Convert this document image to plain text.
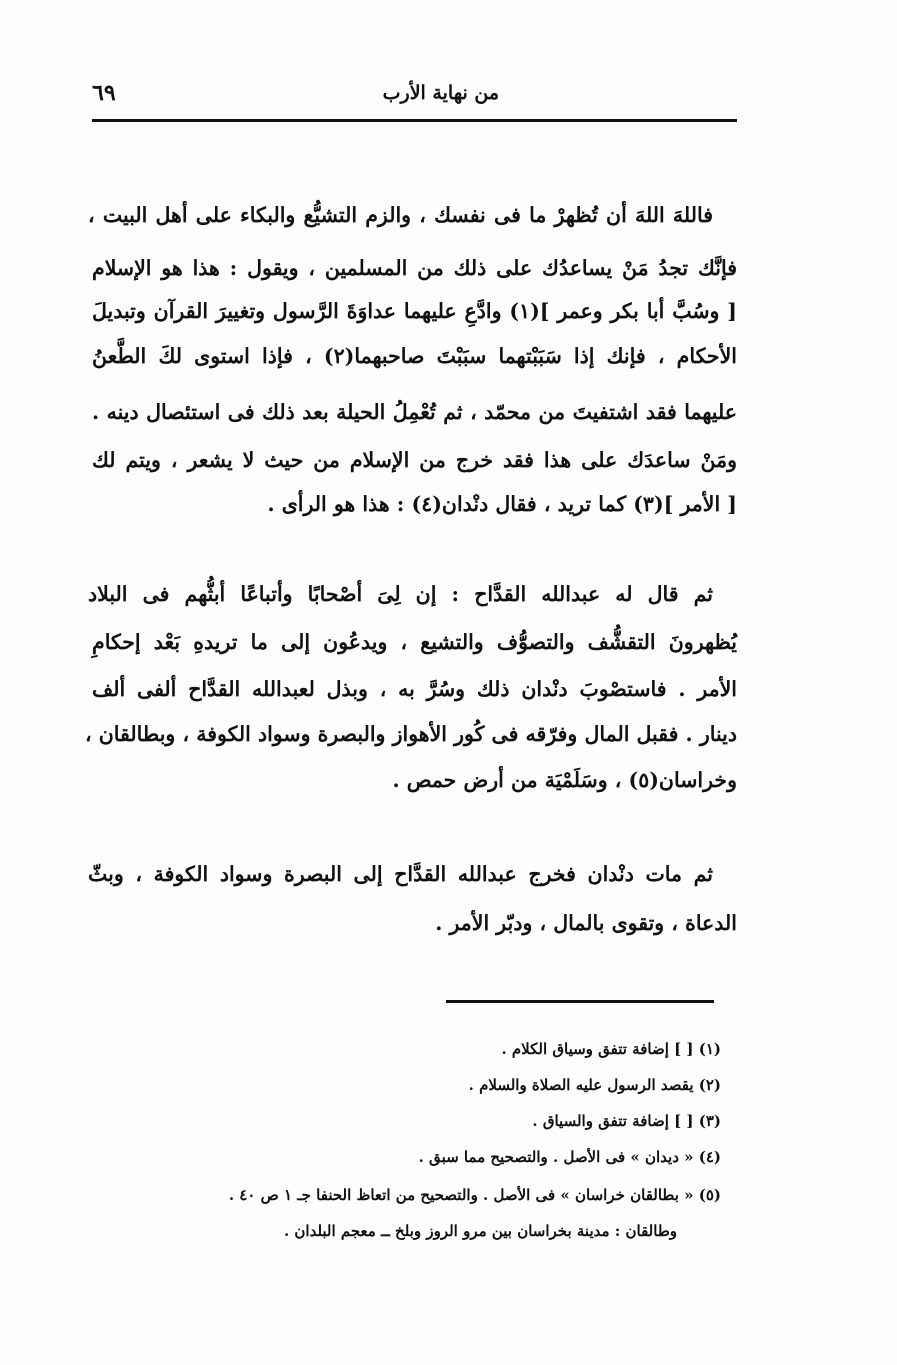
من نهاية الأرب
٦٩
فاللهَ اللهَ أن تُظهرْ ما فى نفسك ، والزم التشيُّع والبكاء على أهل البيت ،
فإنَّك تجدُ مَنْ يساعدُك على ذلك من المسلمين ، ويقول : هذا هو الإسلام
[ وسُبَّ أبا بكر وعمر ](١) وادَّعِ عليهما عداوَةَ الرَّسول وتغييرَ القرآن وتبديلَ
الأحكام ، فإنك إذا سَبَبْتهما سبَبْتَ صاحبهما(٢) ، فإذا استوى لكَ الطَّعنُ
عليهما فقد اشتفيتَ من محمّد ، ثم تُعْمِلُ الحيلة بعد ذلك فى استئصال دينه .
ومَنْ ساعدَك على هذا فقد خرج من الإسلام من حيث لا يشعر ، ويتم لك
[ الأمر ](٣) كما تريد ، فقال دنْدان(٤) : هذا هو الرأى .
ثم قال له عبدالله القدَّاح : إن لِىَ أصْحابًا وأتباعًا أبثُّهم فى البلاد
يُظهرونَ التقشُّف والتصوُّف والتشيع ، ويدعُون إلى ما تريدهِ بَعْد إحكامِ
الأمر . فاستصْوبَ دنْدان ذلك وسُرَّ به ، وبذل لعبدالله القدَّاح ألفى ألف
دينار . فقبل المال وفرّقه فى كُور الأهواز والبصرة وسواد الكوفة ، وبطالقان ،
وخراسان(٥) ، وسَلَمْيَة من أرض حمص .
ثم مات دنْدان فخرج عبدالله القدَّاح إلى البصرة وسواد الكوفة ، وبثّ
الدعاة ، وتقوى بالمال ، ودبّر الأمر .
(١) [ ] إضافة تتفق وسياق الكلام .
(٢) يقصد الرسول عليه الصلاة والسلام .
(٣) [ ] إضافة تتفق والسياق .
(٤) « ديدان » فى الأصل . والتصحيح مما سبق .
(٥) « بطالقان خراسان » فى الأصل . والتصحيح من اتعاظ الحنفا جـ ١ ص ٤٠ .
وطالقان : مدينة بخراسان بين مرو الروز وبلخ ــ معجم البلدان .
